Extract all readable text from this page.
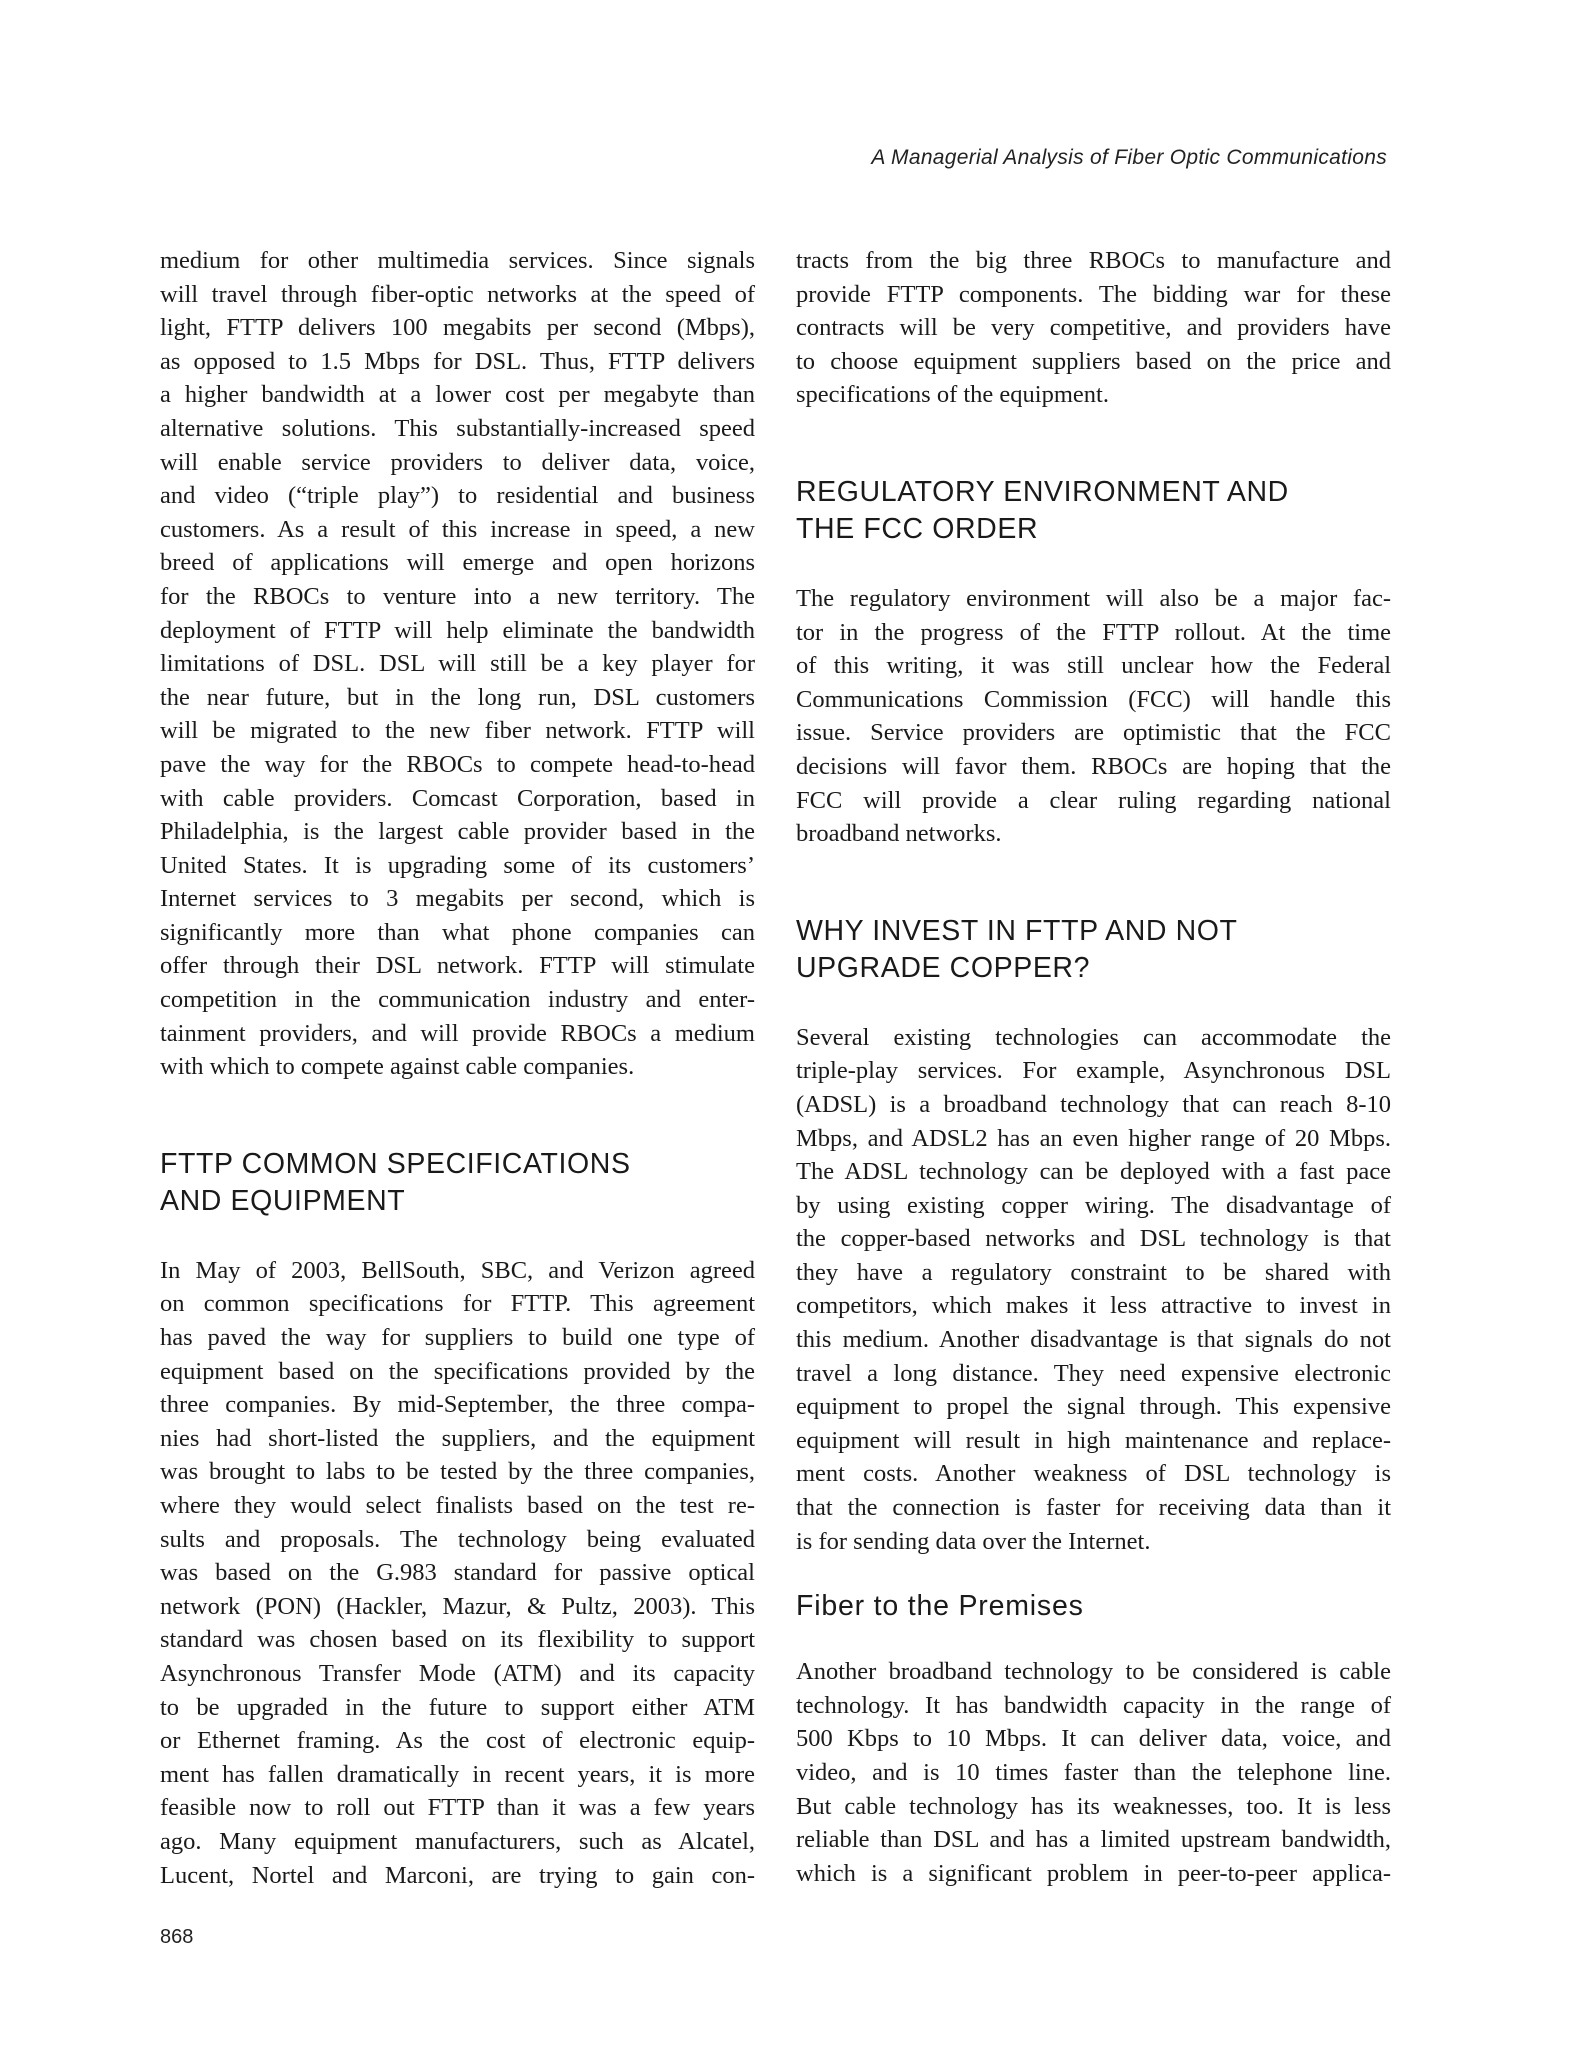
A Managerial Analysis of Fiber Optic Communications

medium for other multimedia services. Since signals
will travel through fiber-optic networks at the speed of
light, FTTP delivers 100 megabits per second (Mbps),
as opposed to 1.5 Mbps for DSL. Thus, FTTP delivers
a higher bandwidth at a lower cost per megabyte than
alternative solutions. This substantially-increased speed
will enable service providers to deliver data, voice,
and video (“triple play”) to residential and business
customers. As a result of this increase in speed, a new
breed of applications will emerge and open horizons
for the RBOCs to venture into a new territory. The
deployment of FTTP will help eliminate the bandwidth
limitations of DSL. DSL will still be a key player for
the near future, but in the long run, DSL customers
will be migrated to the new fiber network. FTTP will
pave the way for the RBOCs to compete head-to-head
with cable providers. Comcast Corporation, based in
Philadelphia, is the largest cable provider based in the
United States. It is upgrading some of its customers’
Internet services to 3 megabits per second, which is
significantly more than what phone companies can
offer through their DSL network. FTTP will stimulate
competition in the communication industry and enter-
tainment providers, and will provide RBOCs a medium
with which to compete against cable companies.

FTTP COMMON SPECIFICATIONS
AND EQUIPMENT

In May of 2003, BellSouth, SBC, and Verizon agreed
on common specifications for FTTP. This agreement
has paved the way for suppliers to build one type of
equipment based on the specifications provided by the
three companies. By mid-September, the three compa-
nies had short-listed the suppliers, and the equipment
was brought to labs to be tested by the three companies,
where they would select finalists based on the test re-
sults and proposals. The technology being evaluated
was based on the G.983 standard for passive optical
network (PON) (Hackler, Mazur, & Pultz, 2003). This
standard was chosen based on its flexibility to support
Asynchronous Transfer Mode (ATM) and its capacity
to be upgraded in the future to support either ATM
or Ethernet framing. As the cost of electronic equip-
ment has fallen dramatically in recent years, it is more
feasible now to roll out FTTP than it was a few years
ago. Many equipment manufacturers, such as Alcatel,
Lucent, Nortel and Marconi, are trying to gain con-

tracts from the big three RBOCs to manufacture and
provide FTTP components. The bidding war for these
contracts will be very competitive, and providers have
to choose equipment suppliers based on the price and
specifications of the equipment.

REGULATORY ENVIRONMENT AND
THE FCC ORDER

The regulatory environment will also be a major fac-
tor in the progress of the FTTP rollout. At the time
of this writing, it was still unclear how the Federal
Communications Commission (FCC) will handle this
issue. Service providers are optimistic that the FCC
decisions will favor them. RBOCs are hoping that the
FCC will provide a clear ruling regarding national
broadband networks.

WHY INVEST IN FTTP AND NOT
UPGRADE COPPER?

Several existing technologies can accommodate the
triple-play services. For example, Asynchronous DSL
(ADSL) is a broadband technology that can reach 8-10
Mbps, and ADSL2 has an even higher range of 20 Mbps.
The ADSL technology can be deployed with a fast pace
by using existing copper wiring. The disadvantage of
the copper-based networks and DSL technology is that
they have a regulatory constraint to be shared with
competitors, which makes it less attractive to invest in
this medium. Another disadvantage is that signals do not
travel a long distance. They need expensive electronic
equipment to propel the signal through. This expensive
equipment will result in high maintenance and replace-
ment costs. Another weakness of DSL technology is
that the connection is faster for receiving data than it
is for sending data over the Internet.

Fiber to the Premises

Another broadband technology to be considered is cable
technology. It has bandwidth capacity in the range of
500 Kbps to 10 Mbps. It can deliver data, voice, and
video, and is 10 times faster than the telephone line.
But cable technology has its weaknesses, too. It is less
reliable than DSL and has a limited upstream bandwidth,
which is a significant problem in peer-to-peer applica-

868
